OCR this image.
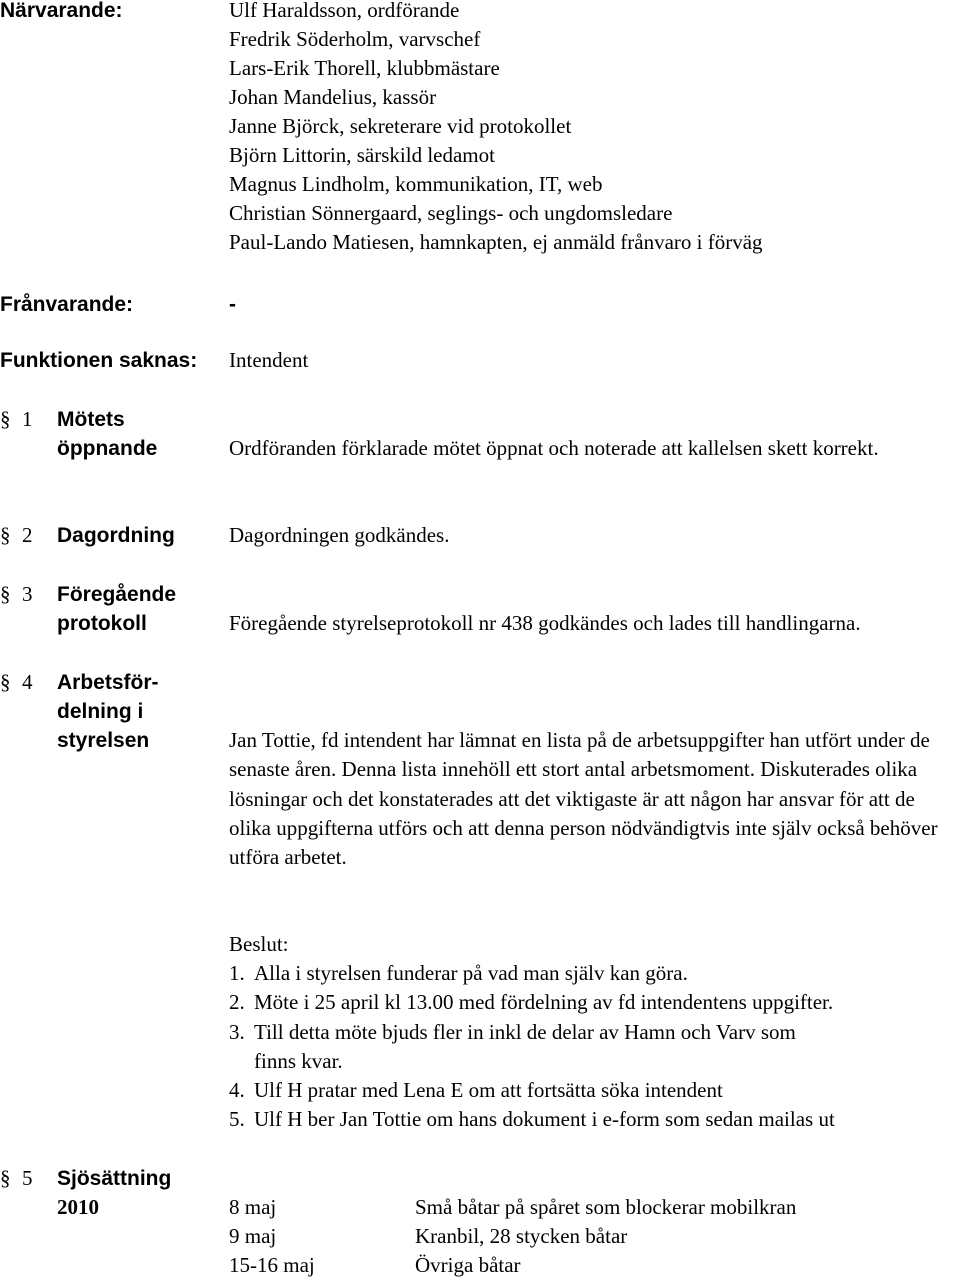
Närvarande:	Ulf Haraldsson, ordförande
Fredrik Söderholm, varvschef
Lars-Erik Thorell, klubbmästare
Johan Mandelius, kassör
Janne Björck, sekreterare vid protokollet
Björn Littorin, särskild ledamot
Magnus Lindholm, kommunikation, IT, web
Christian Sönnergaard, seglings- och ungdomsledare
Paul-Lando Matiesen, hamnkapten, ej anmäld frånvaro i förväg
Frånvarande:	-
Funktionen saknas: Intendent
§ 1 Mötets
öppnande	Ordföranden förklarade mötet öppnat och noterade att kallelsen skett korrekt.
§ 2 Dagordning	Dagordningen godkändes.
§ 3 Föregående
protokoll	Föregående styrelseprotokoll nr 438 godkändes och lades till handlingarna.
§ 4 Arbetsför-
delning i
styrelsen	Jan Tottie, fd intendent har lämnat en lista på de arbetsuppgifter han utfört under de senaste åren. Denna lista innehöll ett stort antal arbetsmoment. Diskuterades olika lösningar och det konstaterades att det viktigaste är att någon har ansvar för att de olika uppgifterna utförs och att denna person nödvändigtvis inte själv också behöver utföra arbetet.
Beslut:
1. Alla i styrelsen funderar på vad man själv kan göra.
2. Möte i 25 april kl 13.00 med fördelning av fd intendentens uppgifter.
3. Till detta möte bjuds fler in inkl de delar av Hamn och Varv som
finns kvar.
4. Ulf H pratar med Lena E om att fortsätta söka intendent
5. Ulf H ber Jan Tottie om hans dokument i e-form som sedan mailas ut
§ 5 Sjösättning
2010	8 maj	Små båtar på spåret som blockerar mobilkran
9 maj	Kranbil, 28 stycken båtar
15-16 maj	Övriga båtar
